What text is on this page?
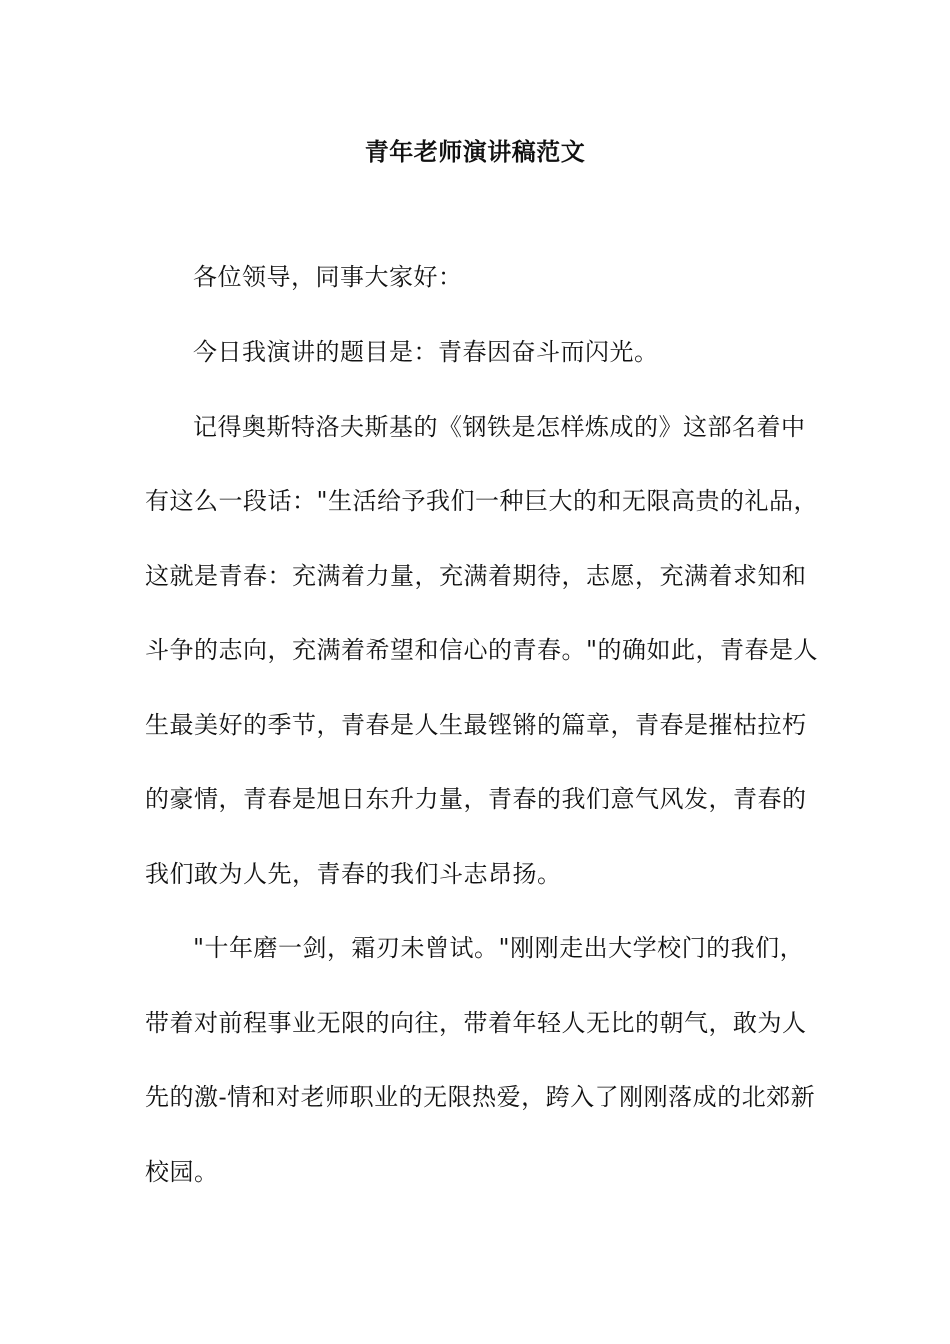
青年老师演讲稿范文
各位领导，同事大家好：
今日我演讲的题目是：青春因奋斗而闪光。
记得奥斯特洛夫斯基的《钢铁是怎样炼成的》这部名着中
有这么一段话："生活给予我们一种巨大的和无限高贵的礼品，
这就是青春：充满着力量，充满着期待，志愿，充满着求知和
斗争的志向，充满着希望和信心的青春。"的确如此，青春是人
生最美好的季节，青春是人生最铿锵的篇章，青春是摧枯拉朽
的豪情，青春是旭日东升力量，青春的我们意气风发，青春的
我们敢为人先，青春的我们斗志昂扬。
"十年磨一剑，霜刃未曾试。"刚刚走出大学校门的我们，
带着对前程事业无限的向往，带着年轻人无比的朝气，敢为人
先的激-情和对老师职业的无限热爱，跨入了刚刚落成的北郊新
校园。
